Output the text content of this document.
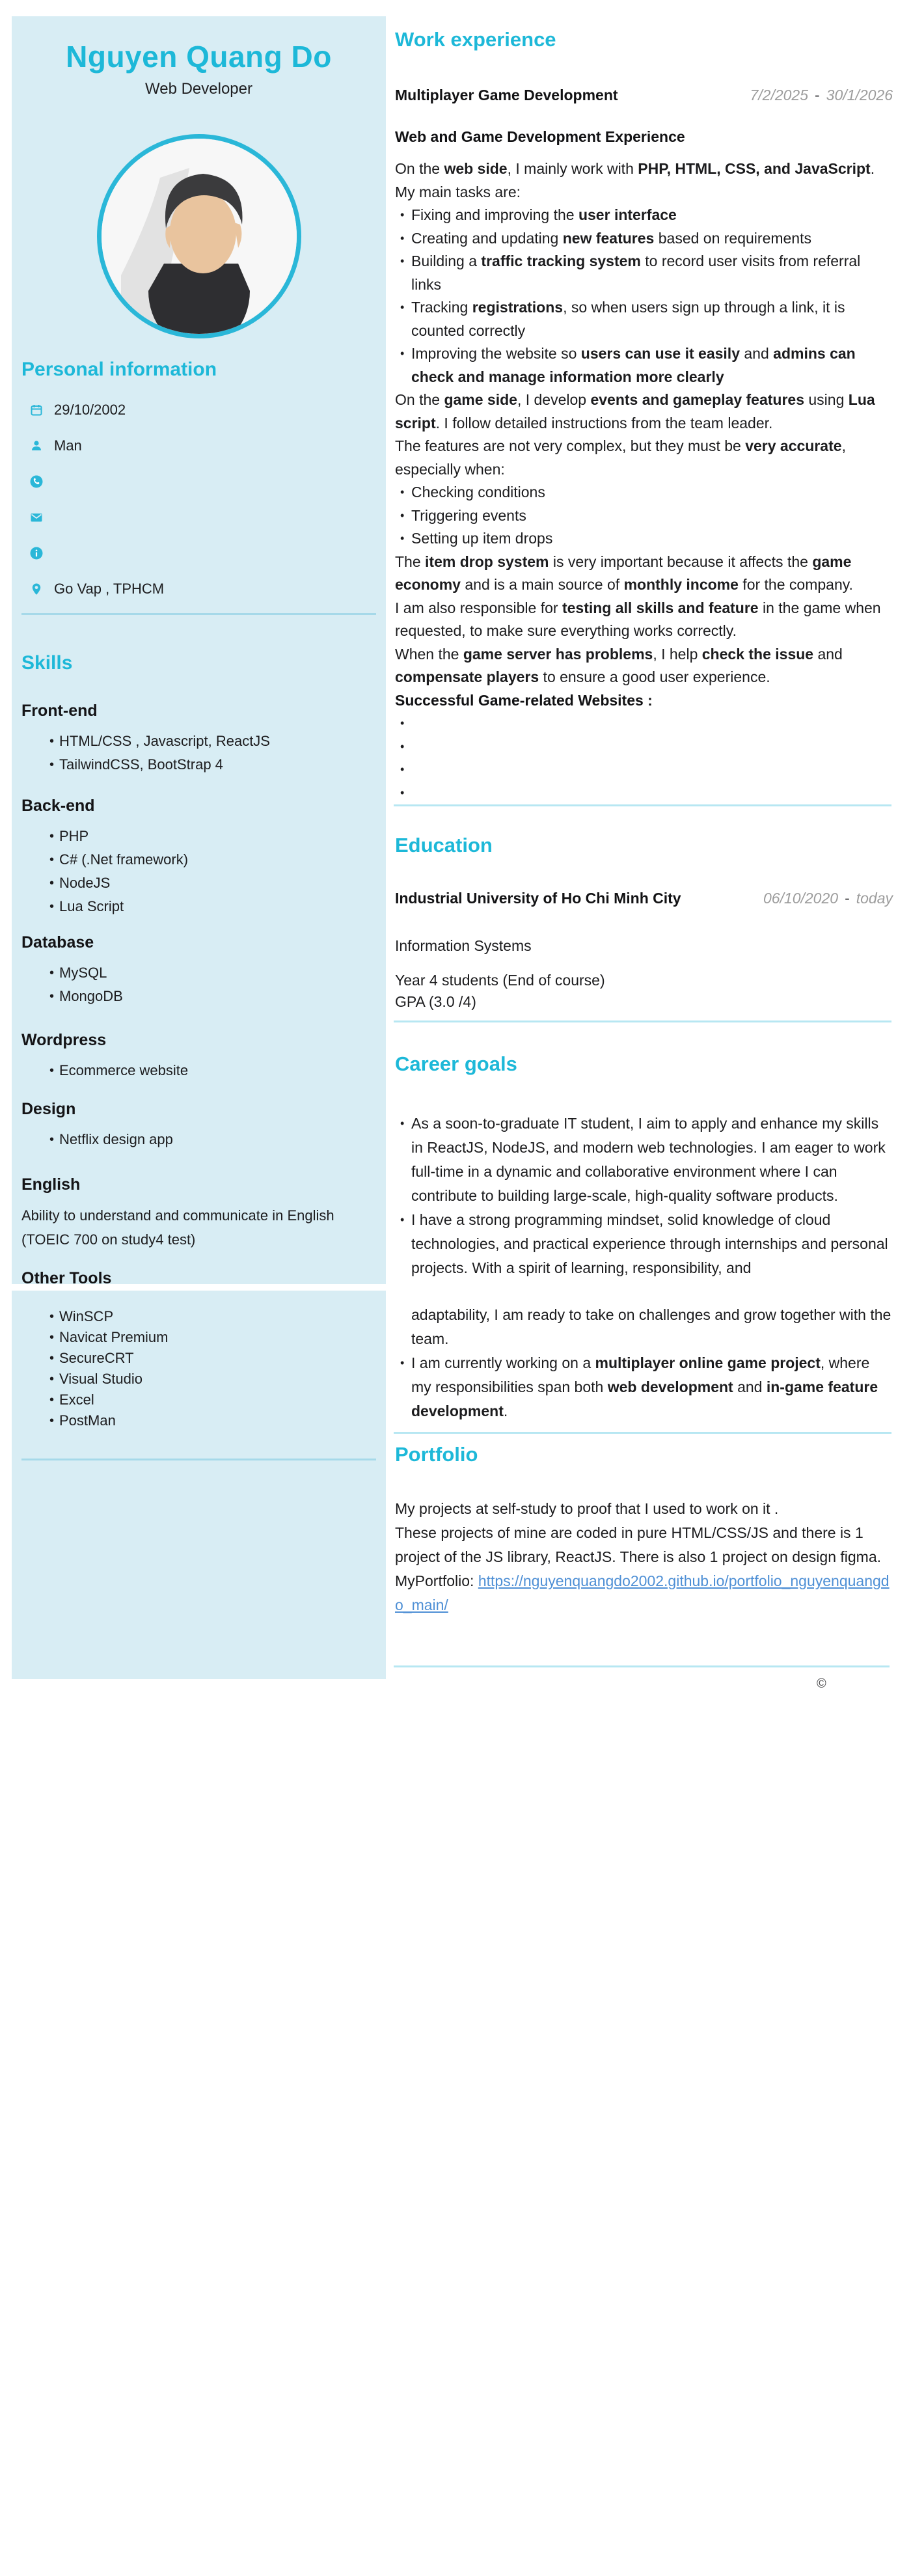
Nguyen Quang Do
Web Developer
Personal information
29/10/2002
Man
Go Vap , TPHCM
Skills
Front-end
• HTML/CSS , Javascript, ReactJS
• TailwindCSS, BootStrap 4
Back-end
• PHP
• C# (.Net framework)
• NodeJS
• Lua Script
Database
• MySQL
• MongoDB
Wordpress
• Ecommerce website
Design
• Netflix design app
English

Ability to understand and communicate in English
(TOEIC 700 on study4 test)

Other Tools
• WinSCP
• Navicat Premium
• SecureCRT
• Visual Studio
• Excel
• PostMan
Work experience
Multiplayer Game Development	7/2/2025 - 30/1/2026
Web and Game Development Experience

On the web side, I mainly work with PHP, HTML, CSS, and JavaScript. My main tasks are:

• Fixing and improving the user interface
• Creating and updating new features based on requirements
• Building a traffic tracking system to record user visits from referral links
• Tracking registrations, so when users sign up through a link, it is counted correctly
• Improving the website so users can use it easily and admins can check and manage information more clearly

On the game side, I develop events and gameplay features using Lua script. I follow detailed instructions from the team leader.

The features are not very complex, but they must be very accurate, especially when:

• Checking conditions
• Triggering events
• Setting up item drops

The item drop system is very important because it affects the game economy and is a main source of monthly income for the company.

I am also responsible for testing all skills and feature in the game when requested, to make sure everything works correctly.

When the game server has problems, I help check the issue and compensate players to ensure a good user experience.

Successful Game-related Websites :

•
•
•
•
Education
Industrial University of Ho Chi Minh City	06/10/2020 - today

Information Systems

Year 4 students (End of course)

GPA (3.0 /4)

Career goals
• As a soon-to-graduate IT student, I aim to apply and enhance my skills in ReactJS, NodeJS, and modern web technologies. I am eager to work full-time in a dynamic and collaborative environment where I can contribute to building large-scale, high-quality software products.
• I have a strong programming mindset, solid knowledge of cloud technologies, and practical experience through internships and personal projects. With a spirit of learning, responsibility, and

adaptability, I am ready to take on challenges and grow together with the team.

• I am currently working on a multiplayer online game project, where my responsibilities span both web development and in-game feature development.
Portfolio

My projects at self-study to proof that I used to work on it .

These projects of mine are coded in pure HTML/CSS/JS and there is 1 project of the JS library, ReactJS. There is also 1 project on design figma.

MyPortfolio: https://nguyenquangdo2002.github.io/portfolio_nguyenquangdo_main/

©
